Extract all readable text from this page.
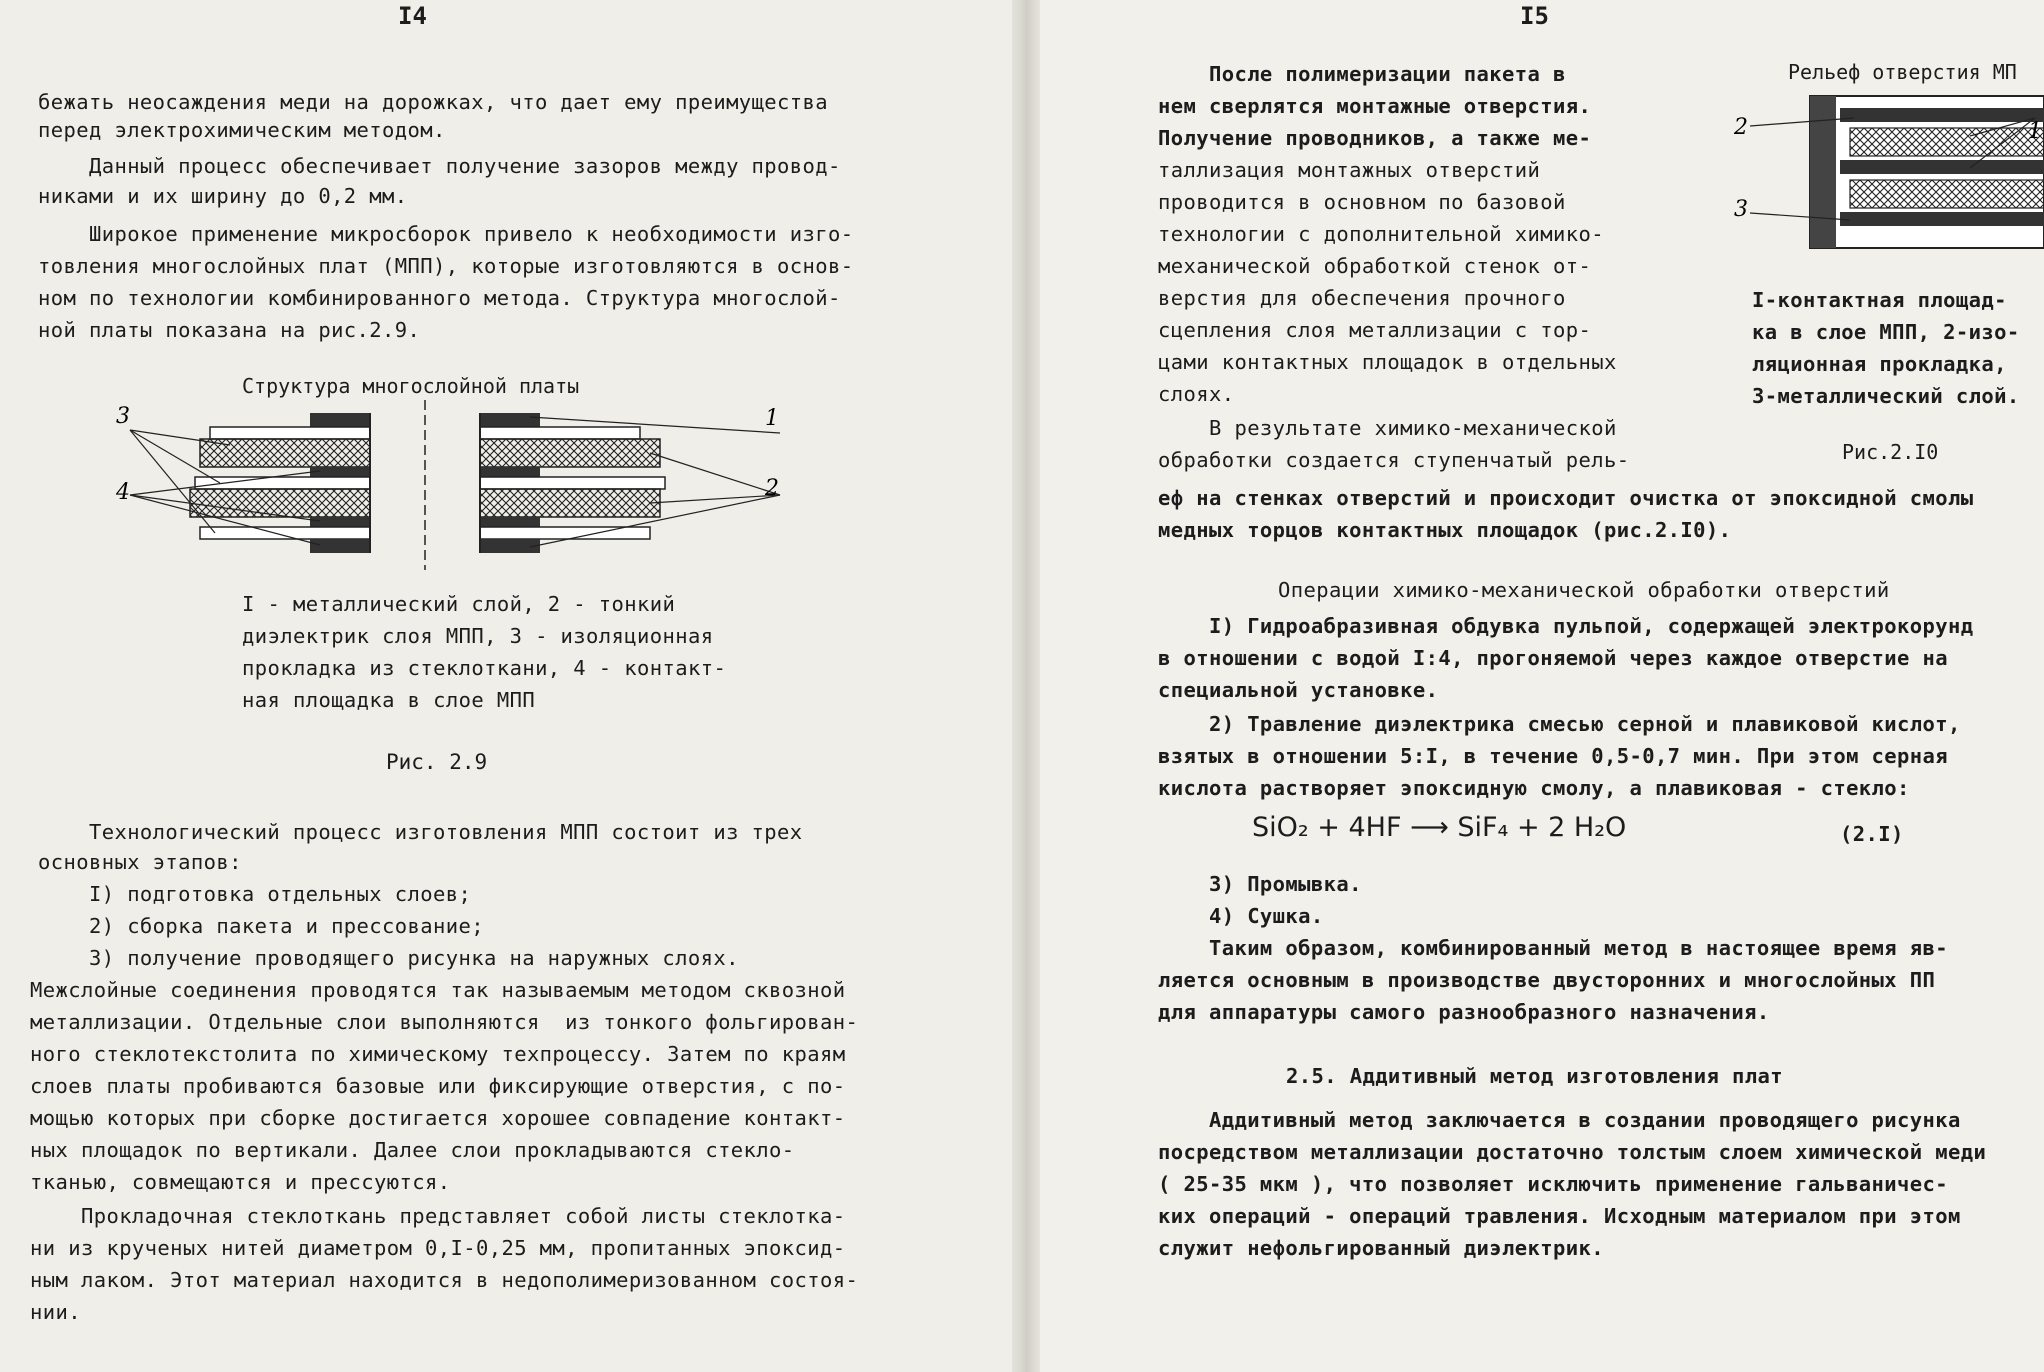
I4
бежать неосаждения меди на дорожках, что дает ему преимущества
перед электрохимическим методом.
Данный процесс обеспечивает получение зазоров между провод-
никами и их ширину до 0,2 мм.
Широкое применение микросборок привело к необходимости изго-
товления многослойных плат (МПП), которые изготовляются в основ-
ном по технологии комбинированного метода. Структура многослой-
ной платы показана на рис.2.9.
Структура многослойной платы
3
4
1
2
I - металлический слой, 2 - тонкий
диэлектрик слоя МПП, 3 - изоляционная
прокладка из стеклоткани, 4 - контакт-
ная площадка в слое МПП
Рис. 2.9
Технологический процесс изготовления МПП состоит из трех
основных этапов:
I) подготовка отдельных слоев;
2) сборка пакета и прессование;
3) получение проводящего рисунка на наружных слоях.
Межслойные соединения проводятся так называемым методом сквозной
металлизации. Отдельные слои выполняются  из тонкого фольгирован-
ного стеклотекстолита по химическому техпроцессу. Затем по краям
слоев платы пробиваются базовые или фиксирующие отверстия, с по-
мощью которых при сборке достигается хорошее совпадение контакт-
ных площадок по вертикали. Далее слои прокладываются стекло-
тканью, совмещаются и прессуются.
Прокладочная стеклоткань представляет собой листы стеклотка-
ни из крученых нитей диаметром 0,I-0,25 мм, пропитанных эпоксид-
ным лаком. Этот материал находится в недополимеризованном состоя-
нии.
I5
После полимеризации пакета в
нем сверлятся монтажные отверстия.
Получение проводников, а также ме-
таллизация монтажных отверстий
проводится в основном по базовой
технологии с дополнительной химико-
механической обработкой стенок от-
верстия для обеспечения прочного
сцепления слоя металлизации с тор-
цами контактных площадок в отдельных
слоях.
В результате химико-механической
обработки создается ступенчатый рель-
Рельеф отверстия МП
2
3
1
I-контактная площад-
ка в слое МПП, 2-изо-
ляционная прокладка,
3-металлический слой.
Рис.2.I0
еф на стенках отверстий и происходит очистка от эпоксидной смолы
медных торцов контактных площадок (рис.2.I0).
Операции химико-механической обработки отверстий
I) Гидроабразивная обдувка пульпой, содержащей электрокорунд
в отношении с водой I:4, прогоняемой через каждое отверстие на
специальной установке.
2) Травление диэлектрика смесью серной и плавиковой кислот,
взятых в отношении 5:I, в течение 0,5-0,7 мин. При этом серная
кислота растворяет эпоксидную смолу, а плавиковая - стекло:
SiO₂ + 4HF ⟶ SiF₄ + 2 H₂O	(2.I)
3) Промывка.
4) Сушка.
Таким образом, комбинированный метод в настоящее время яв-
ляется основным в производстве двусторонних и многослойных ПП
для аппаратуры самого разнообразного назначения.
2.5. Аддитивный метод изготовления плат
Аддитивный метод заключается в создании проводящего рисунка
посредством металлизации достаточно толстым слоем химической меди
( 25-35 мкм ), что позволяет исключить применение гальваничес-
ких операций - операций травления. Исходным материалом при этом
служит нефольгированный диэлектрик.
